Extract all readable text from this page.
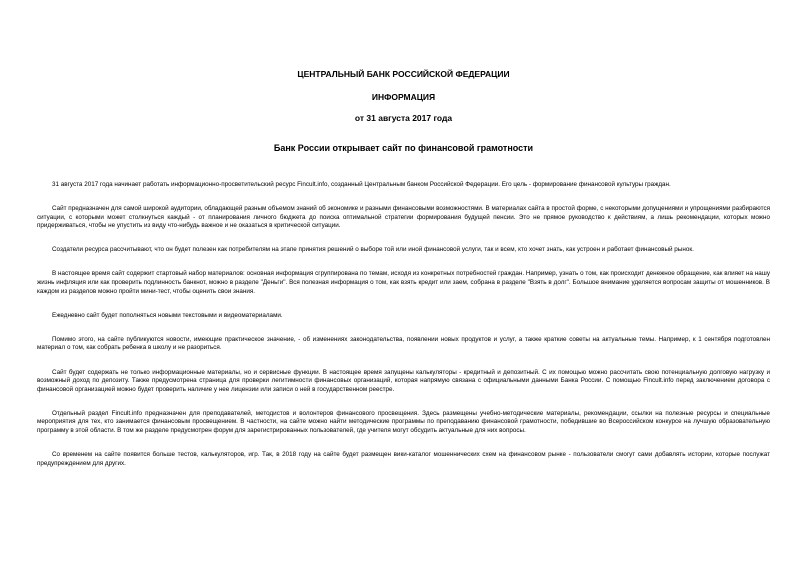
ЦЕНТРАЛЬНЫЙ БАНК РОССИЙСКОЙ ФЕДЕРАЦИИ
ИНФОРМАЦИЯ
от 31 августа 2017 года
Банк России открывает сайт по финансовой грамотности

31 августа 2017 года начинает работать информационно-просветительский ресурс Fincult.info, созданный Центральным банком Российской Федерации. Его цель - формирование финансовой культуры граждан.

Сайт предназначен для самой широкой аудитории, обладающей разным объемом знаний об экономике и разными финансовыми возможностями. В материалах сайта в простой форме, с некоторыми допущениями и упрощениями разбираются ситуации, с которыми может столкнуться каждый - от планирования личного бюджета до поиска оптимальной стратегии формирования будущей пенсии. Это не прямое руководство к действиям, а лишь рекомендации, которых можно придерживаться, чтобы не упустить из виду что-нибудь важное и не оказаться в критической ситуации.

Создатели ресурса рассчитывают, что он будет полезен как потребителям на этапе принятия решений о выборе той или иной финансовой услуги, так и всем, кто хочет знать, как устроен и работает финансовый рынок.

В настоящее время сайт содержит стартовый набор материалов: основная информация сгруппирована по темам, исходя из конкретных потребностей граждан. Например, узнать о том, как происходит денежное обращение, как влияет на нашу жизнь инфляция или как проверить подлинность банкнот, можно в разделе "Деньги". Вся полезная информация о том, как взять кредит или заем, собрана в разделе "Взять в долг". Большое внимание уделяется вопросам защиты от мошенников. В каждом из разделов можно пройти мини-тест, чтобы оценить свои знания.

Ежедневно сайт будет пополняться новыми текстовыми и видеоматериалами.

Помимо этого, на сайте публикуются новости, имеющие практическое значение, - об изменениях законодательства, появлении новых продуктов и услуг, а также краткие советы на актуальные темы. Например, к 1 сентября подготовлен материал о том, как собрать ребенка в школу и не разориться.

Сайт будет содержать не только информационные материалы, но и сервисные функции. В настоящее время запущены калькуляторы - кредитный и депозитный. С их помощью можно рассчитать свою потенциальную долговую нагрузку и возможный доход по депозиту. Также предусмотрена страница для проверки легитимности финансовых организаций, которая напрямую связана с официальными данными Банка России. С помощью Fincult.info перед заключением договора с финансовой организацией можно будет проверить наличие у нее лицензии или записи о ней в государственном реестре.

Отдельный раздел Fincult.info предназначен для преподавателей, методистов и волонтеров финансового просвещения. Здесь размещены учебно-методические материалы, рекомендации, ссылки на полезные ресурсы и специальные мероприятия для тех, кто занимается финансовым просвещением. В частности, на сайте можно найти методические программы по преподаванию финансовой грамотности, победившие во Всероссийском конкурсе на лучшую образовательную программу в этой области. В том же разделе предусмотрен форум для зарегистрированных пользователей, где учителя могут обсудить актуальные для них вопросы.

Со временем на сайте появится больше тестов, калькуляторов, игр. Так, в 2018 году на сайте будет размещен вики-каталог мошеннических схем на финансовом рынке - пользователи смогут сами добавлять истории, которые послужат предупреждением для других.
